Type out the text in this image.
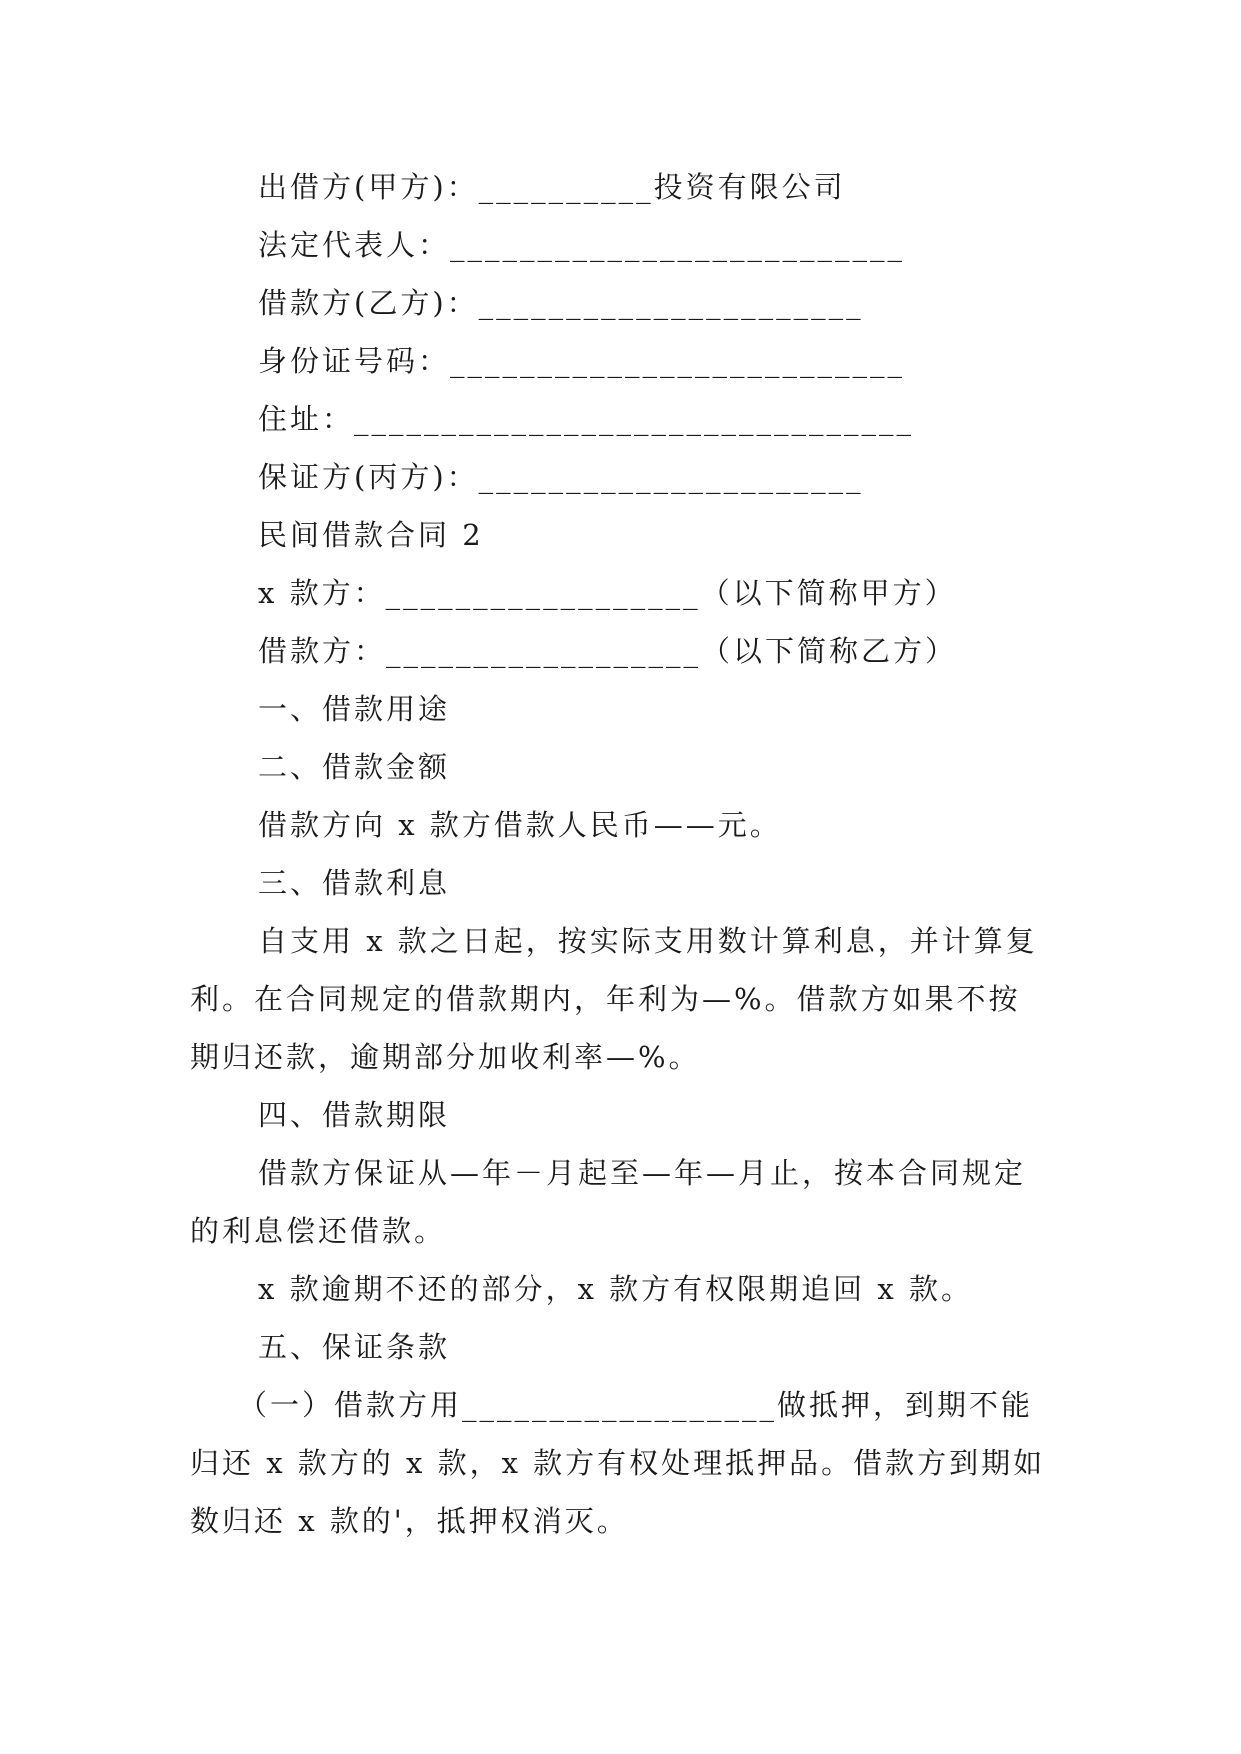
出借方(甲方)：__________投资有限公司
法定代表人：__________________________
借款方(乙方)：______________________
身份证号码：__________________________
住址：________________________________
保证方(丙方)：______________________
民间借款合同 2
x 款方：__________________（以下简称甲方）
借款方：__________________（以下简称乙方）
一、借款用途
二、借款金额
借款方向 x 款方借款人民币——元。
三、借款利息
自支用 x 款之日起，按实际支用数计算利息，并计算复
利。在合同规定的借款期内，年利为—%。借款方如果不按
期归还款，逾期部分加收利率—%。
四、借款期限
借款方保证从—年－月起至—年—月止，按本合同规定
的利息偿还借款。
x 款逾期不还的部分，x 款方有权限期追回 x 款。
五、保证条款
（一）借款方用__________________做抵押，到期不能
归还 x 款方的 x 款，x 款方有权处理抵押品。借款方到期如
数归还 x 款的'，抵押权消灭。
